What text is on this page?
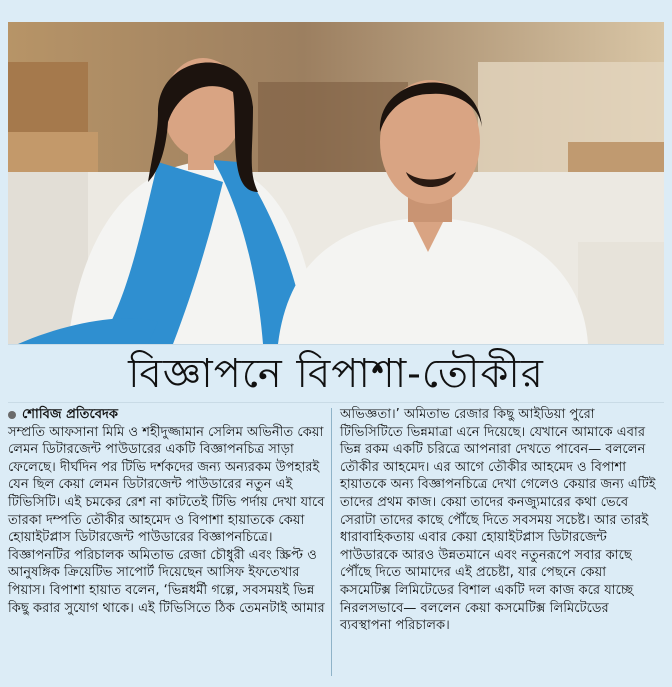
বিজ্ঞাপনে বিপাশা-তৌকীর
শোবিজ প্রতিবেদক

সম্প্রতি আফসানা মিমি ও শহীদুজ্জামান সেলিম অভিনীত কেয়া লেমন ডিটারজেন্ট পাউডারের একটি বিজ্ঞাপনচিত্র সাড়া ফেলেছে। দীর্ঘদিন পর টিভি দর্শকদের জন্য অন্যরকম উপহারই যেন ছিল কেয়া লেমন ডিটারজেন্ট পাউডারের নতুন এই টিভিসিটি। এই চমকের রেশ না কাটতেই টিভি পর্দায় দেখা যাবে তারকা দম্পতি তৌকীর আহমেদ ও বিপাশা হায়াতকে কেয়া হোয়াইটপ্লাস ডিটারজেন্ট পাউডারের বিজ্ঞাপনচিত্রে। বিজ্ঞাপনটির পরিচালক অমিতাভ রেজা চৌধুরী এবং স্ক্রিপ্ট ও আনুষঙ্গিক ক্রিয়েটিভ সাপোর্ট দিয়েছেন আসিফ ইফতেখার পিয়াস। বিপাশা হায়াত বলেন, ‘ভিন্নধর্মী গল্পে, সবসময়ই ভিন্ন কিছু করার সুযোগ থাকে। এই টিভিসিতে ঠিক তেমনটাই আমার

অভিজ্ঞতা।’ অমিতাভ রেজার কিছু আইডিয়া পুরো টিভিসিটিতে ভিন্নমাত্রা এনে দিয়েছে। যেখানে আমাকে এবার ভিন্ন রকম একটি চরিত্রে আপনারা দেখতে পাবেন— বললেন তৌকীর আহমেদ। এর আগে তৌকীর আহমেদ ও বিপাশা হায়াতকে অন্য বিজ্ঞাপনচিত্রে দেখা গেলেও কেয়ার জন্য এটিই তাদের প্রথম কাজ। কেয়া তাদের কনজ্যুমারের কথা ভেবে সেরাটা তাদের কাছে পৌঁছে দিতে সবসময় সচেষ্ট। আর তারই ধারাবাহিকতায় এবার কেয়া হোয়াইটপ্লাস ডিটারজেন্ট পাউডারকে আরও উন্নতমানে এবং নতুনরূপে সবার কাছে পৌঁছে দিতে আমাদের এই প্রচেষ্টা, যার পেছনে কেয়া কসমেটিক্স লিমিটেডের বিশাল একটি দল কাজ করে যাচ্ছে নিরলসভাবে— বললেন কেয়া কসমেটিক্স লিমিটেডের ব্যবস্থাপনা পরিচালক।
